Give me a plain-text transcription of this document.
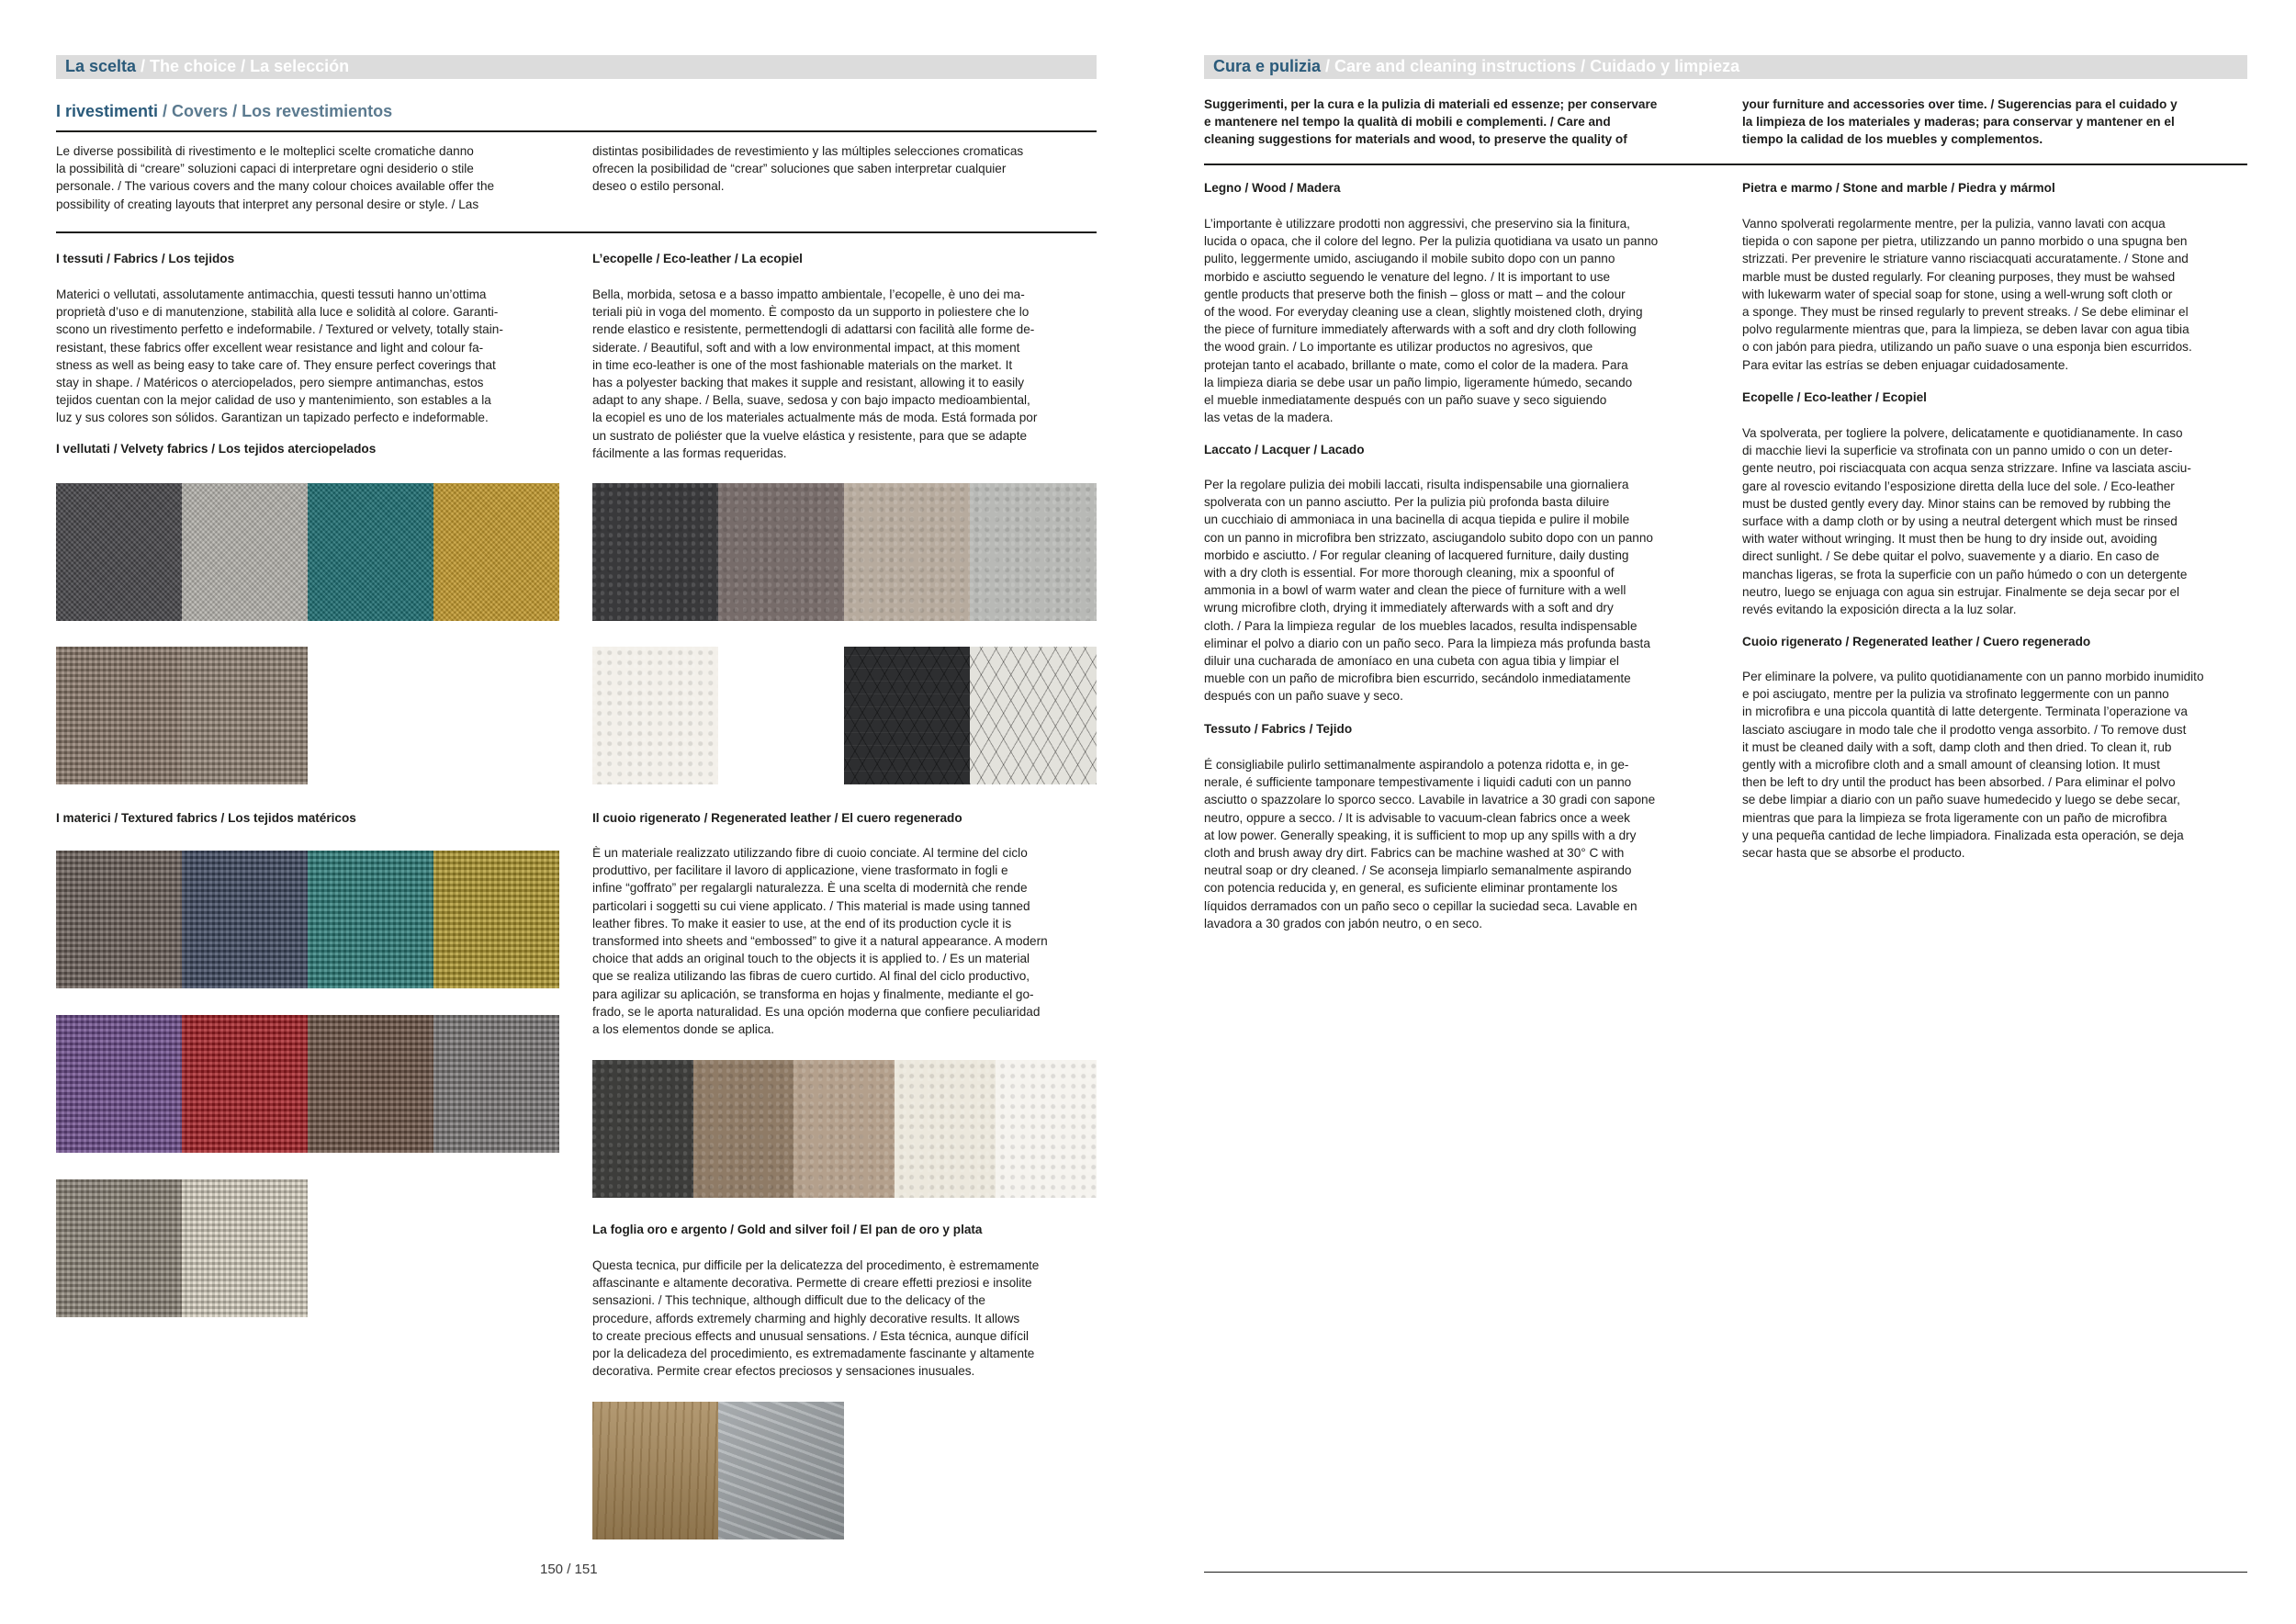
La scelta / The choice / La selección
I rivestimenti / Covers / Los revestimientos
Le diverse possibilità di rivestimento e le molteplici scelte cromatiche danno
la possibilità di “creare” soluzioni capaci di interpretare ogni desiderio o stile
personale. / The various covers and the many colour choices available offer the
possibility of creating layouts that interpret any personal desire or style. / Las
distintas posibilidades de revestimiento y las múltiples selecciones cromaticas
ofrecen la posibilidad de “crear” soluciones que saben interpretar cualquier
deseo o estilo personal.
I tessuti / Fabrics / Los tejidos
Materici o vellutati, assolutamente antimacchia, questi tessuti hanno un’ottima
proprietà d’uso e di manutenzione, stabilità alla luce e solidità al colore. Garanti-
scono un rivestimento perfetto e indeformabile. / Textured or velvety, totally stain-
resistant, these fabrics offer excellent wear resistance and light and colour fa-
stness as well as being easy to take care of. They ensure perfect coverings that
stay in shape. / Matéricos o aterciopelados, pero siempre antimanchas, estos
tejidos cuentan con la mejor calidad de uso y mantenimiento, son estables a la
luz y sus colores son sólidos. Garantizan un tapizado perfecto e indeformable.
I vellutati / Velvety fabrics / Los tejidos aterciopelados
I materici / Textured fabrics / Los tejidos matéricos
L’ecopelle / Eco-leather / La ecopiel
Bella, morbida, setosa e a basso impatto ambientale, l’ecopelle, è uno dei ma-
teriali più in voga del momento. È composto da un supporto in poliestere che lo
rende elastico e resistente, permettendogli di adattarsi con facilità alle forme de-
siderate. / Beautiful, soft and with a low environmental impact, at this moment
in time eco-leather is one of the most fashionable materials on the market. It
has a polyester backing that makes it supple and resistant, allowing it to easily
adapt to any shape. / Bella, suave, sedosa y con bajo impacto medioambiental,
la ecopiel es uno de los materiales actualmente más de moda. Está formada por
un sustrato de poliéster que la vuelve elástica y resistente, para que se adapte
fácilmente a las formas requeridas.
Il cuoio rigenerato / Regenerated leather / El cuero regenerado
È un materiale realizzato utilizzando fibre di cuoio conciate. Al termine del ciclo
produttivo, per facilitare il lavoro di applicazione, viene trasformato in fogli e
infine “goffrato” per regalargli naturalezza. È una scelta di modernità che rende
particolari i soggetti su cui viene applicato. / This material is made using tanned
leather fibres. To make it easier to use, at the end of its production cycle it is
transformed into sheets and “embossed” to give it a natural appearance. A modern
choice that adds an original touch to the objects it is applied to. / Es un material
que se realiza utilizando las fibras de cuero curtido. Al final del ciclo productivo,
para agilizar su aplicación, se transforma en hojas y finalmente, mediante el go-
frado, se le aporta naturalidad. Es una opción moderna que confiere peculiaridad
a los elementos donde se aplica.
La foglia oro e argento / Gold and silver foil / El pan de oro y plata
Questa tecnica, pur difficile per la delicatezza del procedimento, è estremamente
affascinante e altamente decorativa. Permette di creare effetti preziosi e insolite
sensazioni. / This technique, although difficult due to the delicacy of the
procedure, affords extremely charming and highly decorative results. It allows
to create precious effects and unusual sensations. / Esta técnica, aunque difícil
por la delicadeza del procedimiento, es extremadamente fascinante y altamente
decorativa. Permite crear efectos preciosos y sensaciones inusuales.
150 / 151
Cura e pulizia / Care and cleaning instructions / Cuidado y limpieza
Suggerimenti, per la cura e la pulizia di materiali ed essenze; per conservare
e mantenere nel tempo la qualità di mobili e complementi. / Care and
cleaning suggestions for materials and wood, to preserve the quality of
your furniture and accessories over time. / Sugerencias para el cuidado y
la limpieza de los materiales y maderas; para conservar y mantener en el
tiempo la calidad de los muebles y complementos.
Legno / Wood / Madera
L’importante è utilizzare prodotti non aggressivi, che preservino sia la finitura,
lucida o opaca, che il colore del legno. Per la pulizia quotidiana va usato un panno
pulito, leggermente umido, asciugando il mobile subito dopo con un panno
morbido e asciutto seguendo le venature del legno. / It is important to use
gentle products that preserve both the finish – gloss or matt – and the colour
of the wood. For everyday cleaning use a clean, slightly moistened cloth, drying
the piece of furniture immediately afterwards with a soft and dry cloth following
the wood grain. / Lo importante es utilizar productos no agresivos, que
protejan tanto el acabado, brillante o mate, como el color de la madera. Para
la limpieza diaria se debe usar un paño limpio, ligeramente húmedo, secando
el mueble inmediatamente después con un paño suave y seco siguiendo
las vetas de la madera.
Laccato / Lacquer / Lacado
Per la regolare pulizia dei mobili laccati, risulta indispensabile una giornaliera
spolverata con un panno asciutto. Per la pulizia più profonda basta diluire
un cucchiaio di ammoniaca in una bacinella di acqua tiepida e pulire il mobile
con un panno in microfibra ben strizzato, asciugandolo subito dopo con un panno
morbido e asciutto. / For regular cleaning of lacquered furniture, daily dusting
with a dry cloth is essential. For more thorough cleaning, mix a spoonful of
ammonia in a bowl of warm water and clean the piece of furniture with a well
wrung microfibre cloth, drying it immediately afterwards with a soft and dry
cloth. / Para la limpieza regular  de los muebles lacados, resulta indispensable
eliminar el polvo a diario con un paño seco. Para la limpieza más profunda basta
diluir una cucharada de amoníaco en una cubeta con agua tibia y limpiar el
mueble con un paño de microfibra bien escurrido, secándolo inmediatamente
después con un paño suave y seco.
Tessuto / Fabrics / Tejido
É consigliabile pulirlo settimanalmente aspirandolo a potenza ridotta e, in ge-
nerale, é sufficiente tamponare tempestivamente i liquidi caduti con un panno
asciutto o spazzolare lo sporco secco. Lavabile in lavatrice a 30 gradi con sapone
neutro, oppure a secco. / It is advisable to vacuum-clean fabrics once a week
at low power. Generally speaking, it is sufficient to mop up any spills with a dry
cloth and brush away dry dirt. Fabrics can be machine washed at 30° C with
neutral soap or dry cleaned. / Se aconseja limpiarlo semanalmente aspirando
con potencia reducida y, en general, es suficiente eliminar prontamente los
líquidos derramados con un paño seco o cepillar la suciedad seca. Lavable en
lavadora a 30 grados con jabón neutro, o en seco.
Pietra e marmo / Stone and marble / Piedra y mármol
Vanno spolverati regolarmente mentre, per la pulizia, vanno lavati con acqua
tiepida o con sapone per pietra, utilizzando un panno morbido o una spugna ben
strizzati. Per prevenire le striature vanno risciacquati accuratamente. / Stone and
marble must be dusted regularly. For cleaning purposes, they must be wahsed
with lukewarm water of special soap for stone, using a well-wrung soft cloth or
a sponge. They must be rinsed regularly to prevent streaks. / Se debe eliminar el
polvo regularmente mientras que, para la limpieza, se deben lavar con agua tibia
o con jabón para piedra, utilizando un paño suave o una esponja bien escurridos.
Para evitar las estrías se deben enjuagar cuidadosamente.
Ecopelle / Eco-leather / Ecopiel
Va spolverata, per togliere la polvere, delicatamente e quotidianamente. In caso
di macchie lievi la superficie va strofinata con un panno umido o con un deter-
gente neutro, poi risciacquata con acqua senza strizzare. Infine va lasciata asciu-
gare al rovescio evitando l’esposizione diretta della luce del sole. / Eco-leather
must be dusted gently every day. Minor stains can be removed by rubbing the
surface with a damp cloth or by using a neutral detergent which must be rinsed
with water without wringing. It must then be hung to dry inside out, avoiding
direct sunlight. / Se debe quitar el polvo, suavemente y a diario. En caso de
manchas ligeras, se frota la superficie con un paño húmedo o con un detergente
neutro, luego se enjuaga con agua sin estrujar. Finalmente se deja secar por el
revés evitando la exposición directa a la luz solar.
Cuoio rigenerato / Regenerated leather / Cuero regenerado
Per eliminare la polvere, va pulito quotidianamente con un panno morbido inumidito
e poi asciugato, mentre per la pulizia va strofinato leggermente con un panno
in microfibra e una piccola quantità di latte detergente. Terminata l’operazione va
lasciato asciugare in modo tale che il prodotto venga assorbito. / To remove dust
it must be cleaned daily with a soft, damp cloth and then dried. To clean it, rub
gently with a microfibre cloth and a small amount of cleansing lotion. It must
then be left to dry until the product has been absorbed. / Para eliminar el polvo
se debe limpiar a diario con un paño suave humedecido y luego se debe secar,
mientras que para la limpieza se frota ligeramente con un paño de microfibra
y una pequeña cantidad de leche limpiadora. Finalizada esta operación, se deja
secar hasta que se absorbe el producto.
